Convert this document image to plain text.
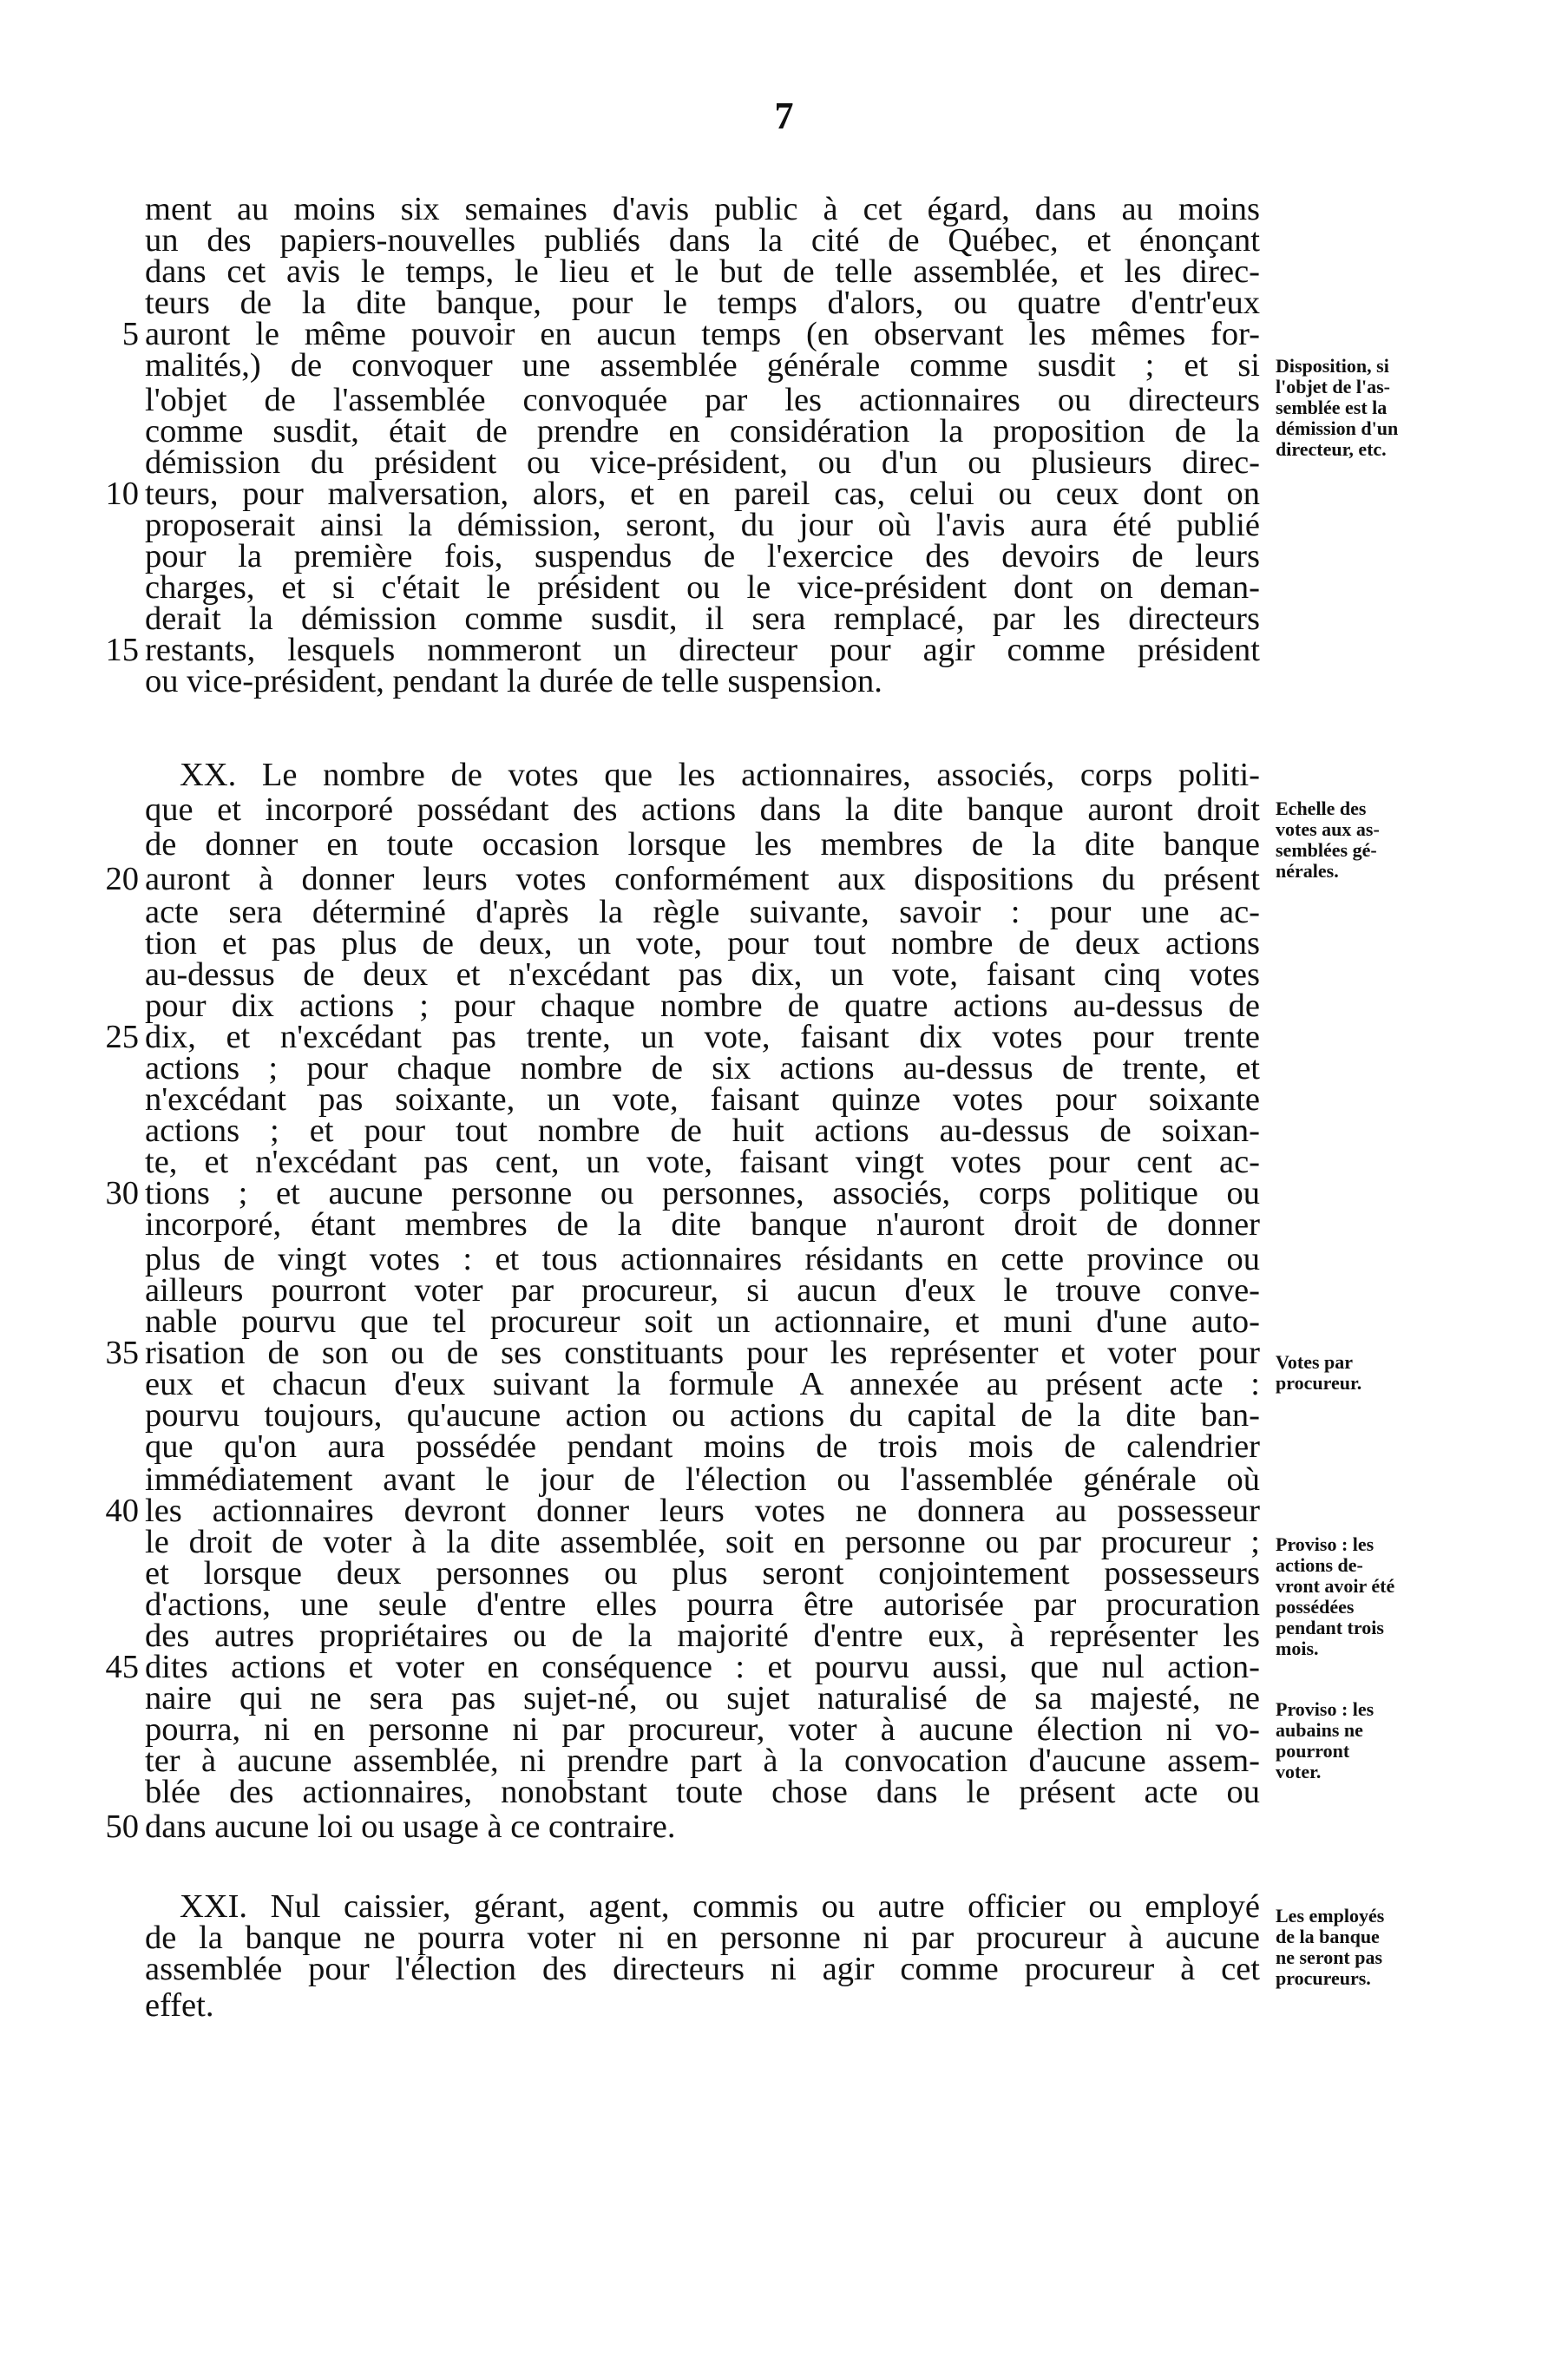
7
ment au moins six semaines d'avis public à cet égard, dans au moins
un des papiers-nouvelles publiés dans la cité de Québec, et énonçant
dans cet avis le temps, le lieu et le but de telle assemblée, et les direc-
teurs de la dite banque, pour le temps d'alors, ou quatre d'entr'eux
auront le même pouvoir en aucun temps (en observant les mêmes for-
5
malités,) de convoquer une assemblée générale comme susdit ; et si
l'objet de l'assemblée convoquée par les actionnaires ou directeurs
comme susdit, était de prendre en considération la proposition de la
démission du président ou vice-président, ou d'un ou plusieurs direc-
teurs, pour malversation, alors, et en pareil cas, celui ou ceux dont on
10
proposerait ainsi la démission, seront, du jour où l'avis aura été publié
pour la première fois, suspendus de l'exercice des devoirs de leurs
charges, et si c'était le président ou le vice-président dont on deman-
derait la démission comme susdit, il sera remplacé, par les directeurs
restants, lesquels nommeront un directeur pour agir comme président
15
ou vice-président, pendant la durée de telle suspension.
XX. Le nombre de votes que les actionnaires, associés, corps politi-
que et incorporé possédant des actions dans la dite banque auront droit
de donner en toute occasion lorsque les membres de la dite banque
auront à donner leurs votes conformément aux dispositions du présent
20
acte sera déterminé d'après la règle suivante, savoir : pour une ac-
tion et pas plus de deux, un vote, pour tout nombre de deux actions
au-dessus de deux et n'excédant pas dix, un vote, faisant cinq votes
pour dix actions ; pour chaque nombre de quatre actions au-dessus de
dix, et n'excédant pas trente, un vote, faisant dix votes pour trente
25
actions ; pour chaque nombre de six actions au-dessus de trente, et
n'excédant pas soixante, un vote, faisant quinze votes pour soixante
actions ; et pour tout nombre de huit actions au-dessus de soixan-
te, et n'excédant pas cent, un vote, faisant vingt votes pour cent ac-
tions ; et aucune personne ou personnes, associés, corps politique ou
30
incorporé, étant membres de la dite banque n'auront droit de donner
plus de vingt votes : et tous actionnaires résidants en cette province ou
ailleurs pourront voter par procureur, si aucun d'eux le trouve conve-
nable pourvu que tel procureur soit un actionnaire, et muni d'une auto-
risation de son ou de ses constituants pour les représenter et voter pour
35
eux et chacun d'eux suivant la formule A annexée au présent acte :
pourvu toujours, qu'aucune action ou actions du capital de la dite ban-
que qu'on aura possédée pendant moins de trois mois de calendrier
immédiatement avant le jour de l'élection ou l'assemblée générale où
les actionnaires devront donner leurs votes ne donnera au possesseur
40
le droit de voter à la dite assemblée, soit en personne ou par procureur ;
et lorsque deux personnes ou plus seront conjointement possesseurs
d'actions, une seule d'entre elles pourra être autorisée par procuration
des autres propriétaires ou de la majorité d'entre eux, à représenter les
dites actions et voter en conséquence : et pourvu aussi, que nul action-
45
naire qui ne sera pas sujet-né, ou sujet naturalisé de sa majesté, ne
pourra, ni en personne ni par procureur, voter à aucune élection ni vo-
ter à aucune assemblée, ni prendre part à la convocation d'aucune assem-
blée des actionnaires, nonobstant toute chose dans le présent acte ou
dans aucune loi ou usage à ce contraire.
50
XXI. Nul caissier, gérant, agent, commis ou autre officier ou employé
de la banque ne pourra voter ni en personne ni par procureur à aucune
assemblée pour l'élection des directeurs ni agir comme procureur à cet
effet.
Disposition, si
l'objet de l'as-
semblée est la
démission d'un
directeur, etc.
Echelle des
votes aux as-
semblées gé-
nérales.
Votes par
procureur.
Proviso : les
actions de-
vront avoir été
possédées
pendant trois
mois.
Proviso : les
aubains ne
pourront
voter.
Les employés
de la banque
ne seront pas
procureurs.
